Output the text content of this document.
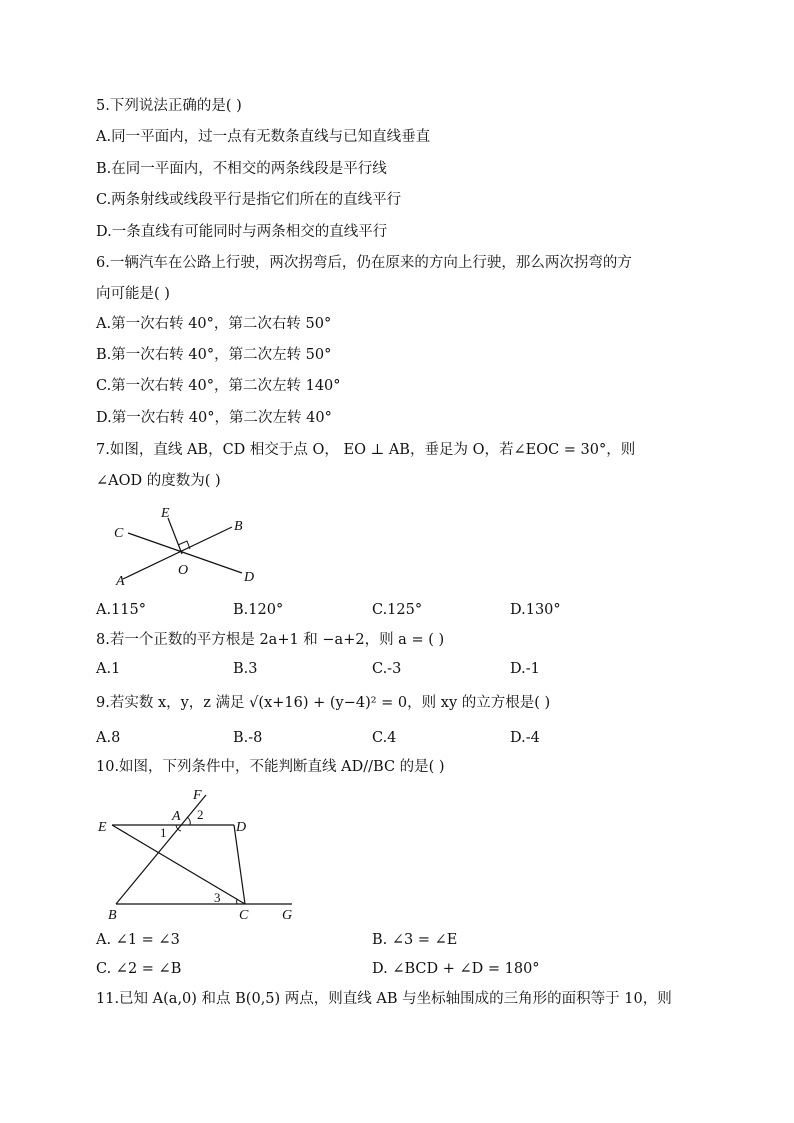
5.下列说法正确的是( )
A.同一平面内，过一点有无数条直线与已知直线垂直
B.在同一平面内，不相交的两条线段是平行线
C.两条射线或线段平行是指它们所在的直线平行
D.一条直线有可能同时与两条相交的直线平行
6.一辆汽车在公路上行驶，两次拐弯后，仍在原来的方向上行驶，那么两次拐弯的方
向可能是( )
A.第一次右转 40°，第二次右转 50°
B.第一次右转 40°，第二次左转 50°
C.第一次右转 40°，第二次左转 140°
D.第一次右转 40°，第二次左转 40°
7.如图，直线 AB，CD 相交于点 O， EO ⊥ AB，垂足为 O，若∠EOC = 30°，则
∠AOD 的度数为( )
C
E
B
A
O	D
A.115°	B.120°	C.125°	D.130°
8.若一个正数的平方根是 2a+1 和 −a+2，则 a = ( )
A.1	B.3	C.-3	D.-1
9.若实数 x，y，z 满足 √(x+16) + (y−4)² = 0，则 xy 的立方根是( )
A.8	B.-8	C.4	D.-4
10.如图，下列条件中，不能判断直线 AD//BC 的是( )
F
A 2
D
E	1
3
B	C G
A. ∠1 = ∠3	B. ∠3 = ∠E
C. ∠2 = ∠B	D. ∠BCD + ∠D = 180°
11.已知 A(a,0) 和点 B(0,5) 两点，则直线 AB 与坐标轴围成的三角形的面积等于 10，则
